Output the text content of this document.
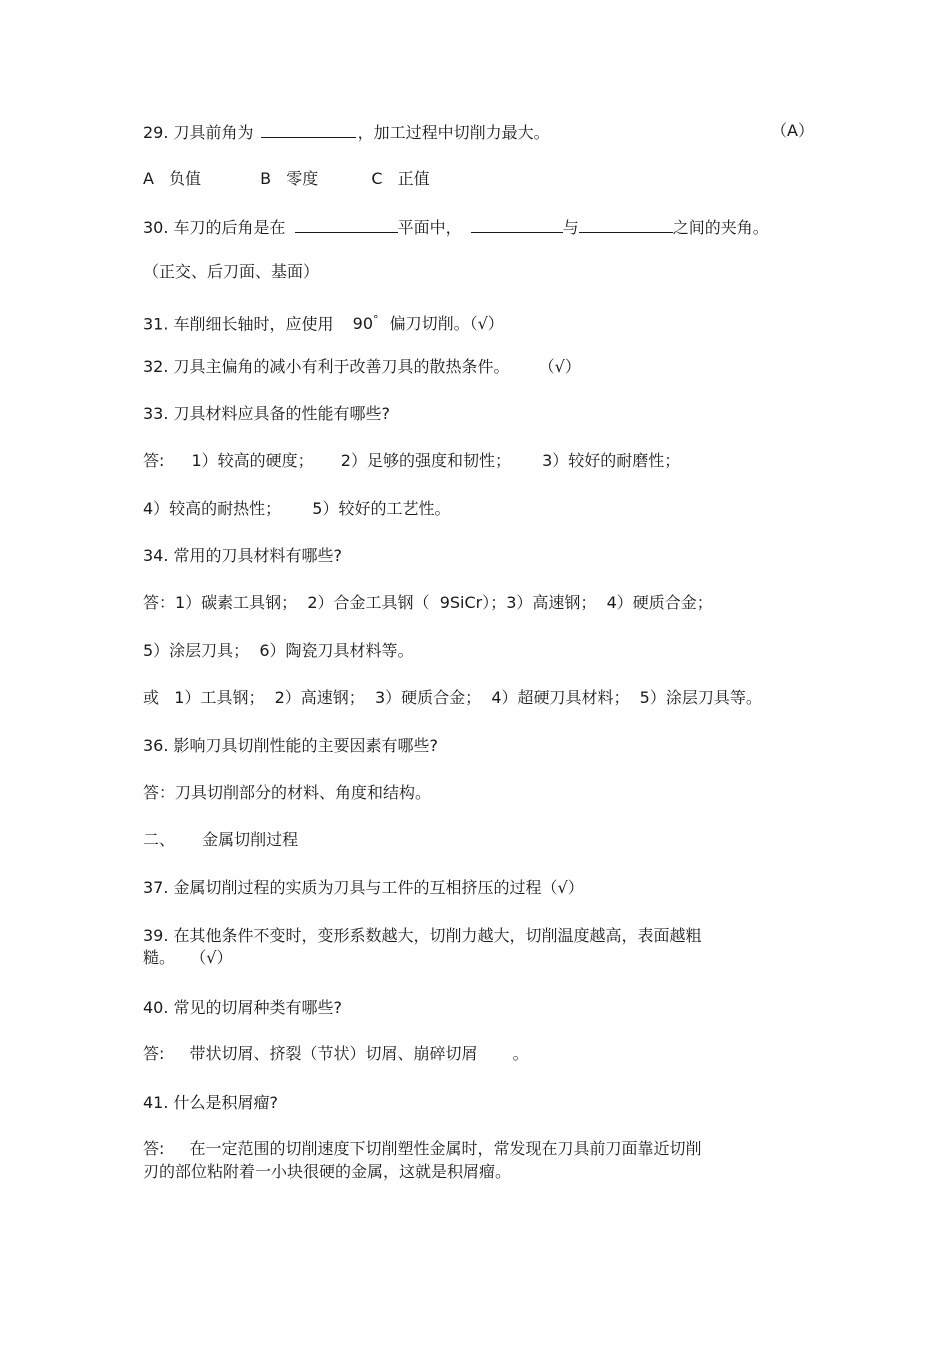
29. 刀具前角为	，加工过程中切削力最大。	（A）
A 负值	B 零度	C 正值
30. 车刀的后角是在	平面中，	与	之间的夹角。
（正交、后刀面、基面）
31. 车削细长轴时，应使用 90° 偏刀切削。（√）
32. 刀具主偏角的减小有利于改善刀具的散热条件。 （√）
33. 刀具材料应具备的性能有哪些?
答: 1）较高的硬度； 2）足够的强度和韧性； 3）较好的耐磨性；
4）较高的耐热性； 5）较好的工艺性。
34. 常用的刀具材料有哪些?
答：1）碳素工具钢；  2）合金工具钢（  9SiCr）；3）高速钢；  4）硬质合金；
5）涂层刀具；  6）陶瓷刀具材料等。
或   1）工具钢；  2）高速钢；  3）硬质合金；  4）超硬刀具材料；  5）涂层刀具等。
36. 影响刀具切削性能的主要因素有哪些?
答：刀具切削部分的材料、角度和结构。
二、 金属切削过程
37. 金属切削过程的实质为刀具与工件的互相挤压的过程（√）
39. 在其他条件不变时，变形系数越大，切削力越大，切削温度越高，表面越粗
糙。   （√）
40. 常见的切屑种类有哪些?
答: 带状切屑、挤裂（节状）切屑、崩碎切屑 。
41. 什么是积屑瘤?
答: 在一定范围的切削速度下切削塑性金属时，常发现在刀具前刀面靠近切削
刃的部位粘附着一小块很硬的金属，这就是积屑瘤。
